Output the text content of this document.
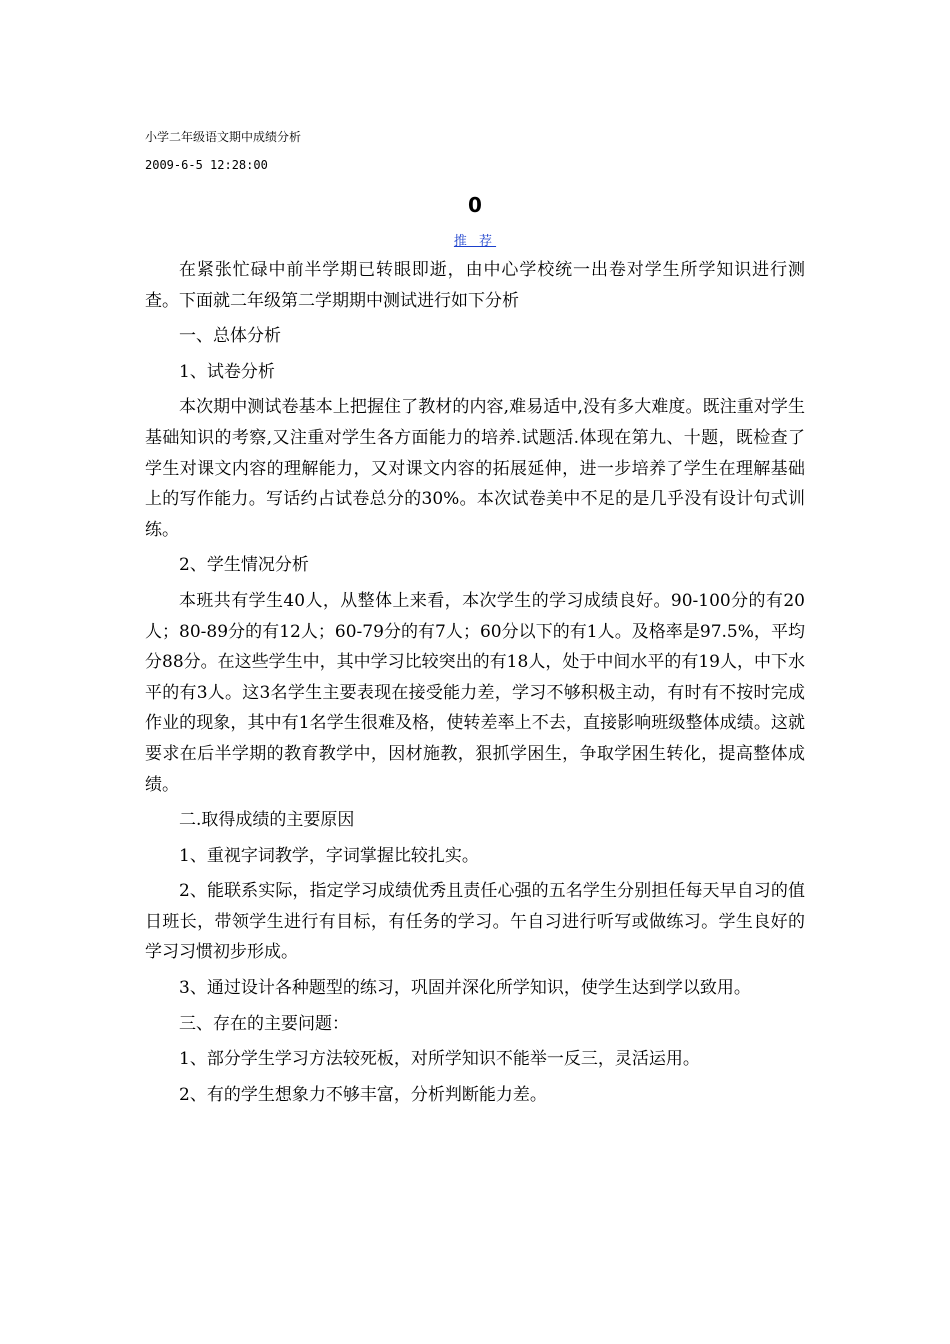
小学二年级语文期中成绩分析
2009-6-5 12:28:00
0
推 荐

在紧张忙碌中前半学期已转眼即逝，由中心学校统一出卷对学生所学知识进行测查。下面就二年级第二学期期中测试进行如下分析

一、总体分析

1、试卷分析

本次期中测试卷基本上把握住了教材的内容,难易适中,没有多大难度。既注重对学生基础知识的考察,又注重对学生各方面能力的培养.试题活.体现在第九、十题，既检查了学生对课文内容的理解能力，又对课文内容的拓展延伸，进一步培养了学生在理解基础上的写作能力。写话约占试卷总分的30%。本次试卷美中不足的是几乎没有设计句式训练。

2、学生情况分析

本班共有学生40人，从整体上来看，本次学生的学习成绩良好。90-100分的有20人；80-89分的有12人；60-79分的有7人；60分以下的有1人。及格率是97.5%，平均分88分。在这些学生中，其中学习比较突出的有18人，处于中间水平的有19人，中下水平的有3人。这3名学生主要表现在接受能力差，学习不够积极主动，有时有不按时完成作业的现象，其中有1名学生很难及格，使转差率上不去，直接影响班级整体成绩。这就要求在后半学期的教育教学中，因材施教，狠抓学困生，争取学困生转化，提高整体成绩。

二.取得成绩的主要原因

1、重视字词教学，字词掌握比较扎实。

2、能联系实际，指定学习成绩优秀且责任心强的五名学生分别担任每天早自习的值日班长，带领学生进行有目标，有任务的学习。午自习进行听写或做练习。学生良好的学习习惯初步形成。

3、通过设计各种题型的练习，巩固并深化所学知识，使学生达到学以致用。

三、存在的主要问题：

1、部分学生学习方法较死板，对所学知识不能举一反三，灵活运用。

2、有的学生想象力不够丰富，分析判断能力差。
